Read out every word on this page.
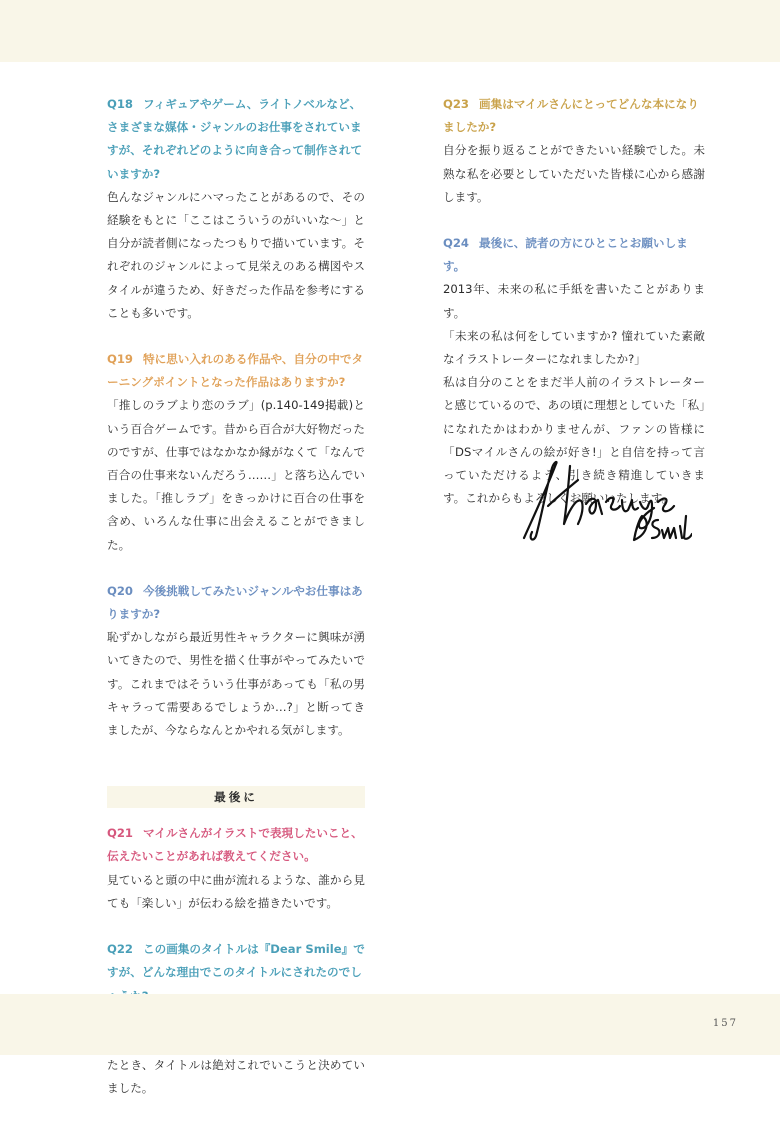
Q18 フィギュアやゲーム、ライトノベルなど、さまざまな媒体・ジャンルのお仕事をされていますが、それぞれどのように向き合って制作されていますか?
色んなジャンルにハマったことがあるので、その経験をもとに「ここはこういうのがいいな〜」と自分が読者側になったつもりで描いています。それぞれのジャンルによって見栄えのある構図やスタイルが違うため、好きだった作品を参考にすることも多いです。
Q19 特に思い入れのある作品や、自分の中でターニングポイントとなった作品はありますか?
「推しのラブより恋のラブ」(p.140-149掲載)という百合ゲームです。昔から百合が大好物だったのですが、仕事ではなかなか縁がなくて「なんで百合の仕事来ないんだろう……」と落ち込んでいました。「推しラブ」をきっかけに百合の仕事を含め、いろんな仕事に出会えることができました。
Q20 今後挑戦してみたいジャンルやお仕事はありますか?
恥ずかしながら最近男性キャラクターに興味が湧いてきたので、男性を描く仕事がやってみたいです。これまではそういう仕事があっても「私の男キャラって需要あるでしょうか…?」と断ってきましたが、今ならなんとかやれる気がします。
最後に
Q21 マイルさんがイラストで表現したいこと、伝えたいことがあれば教えてください。
見ていると頭の中に曲が流れるような、誰から見ても「楽しい」が伝わる絵を描きたいです。
Q22 この画集のタイトルは『Dear Smile』ですが、どんな理由でこのタイトルにされたのでし
たとき、タイトルは絶対これでいこうと決めていました。
Q23 画集はマイルさんにとってどんな本になりましたか?
自分を振り返ることができたいい経験でした。未熟な私を必要としていただいた皆様に心から感謝します。
Q24 最後に、読者の方にひとことお願いします。
2013年、未来の私に手紙を書いたことがあります。
「未来の私は何をしていますか? 憧れていた素敵なイラストレーターになれましたか?」
私は自分のことをまだ半人前のイラストレーターと感じているので、あの頃に理想としていた「私」になれたかはわかりませんが、ファンの皆様に「DSマイルさんの絵が好き!」と自信を持って言っていただけるよう、引き続き精進していきます。これからもよろしくお願いいたします。
157
